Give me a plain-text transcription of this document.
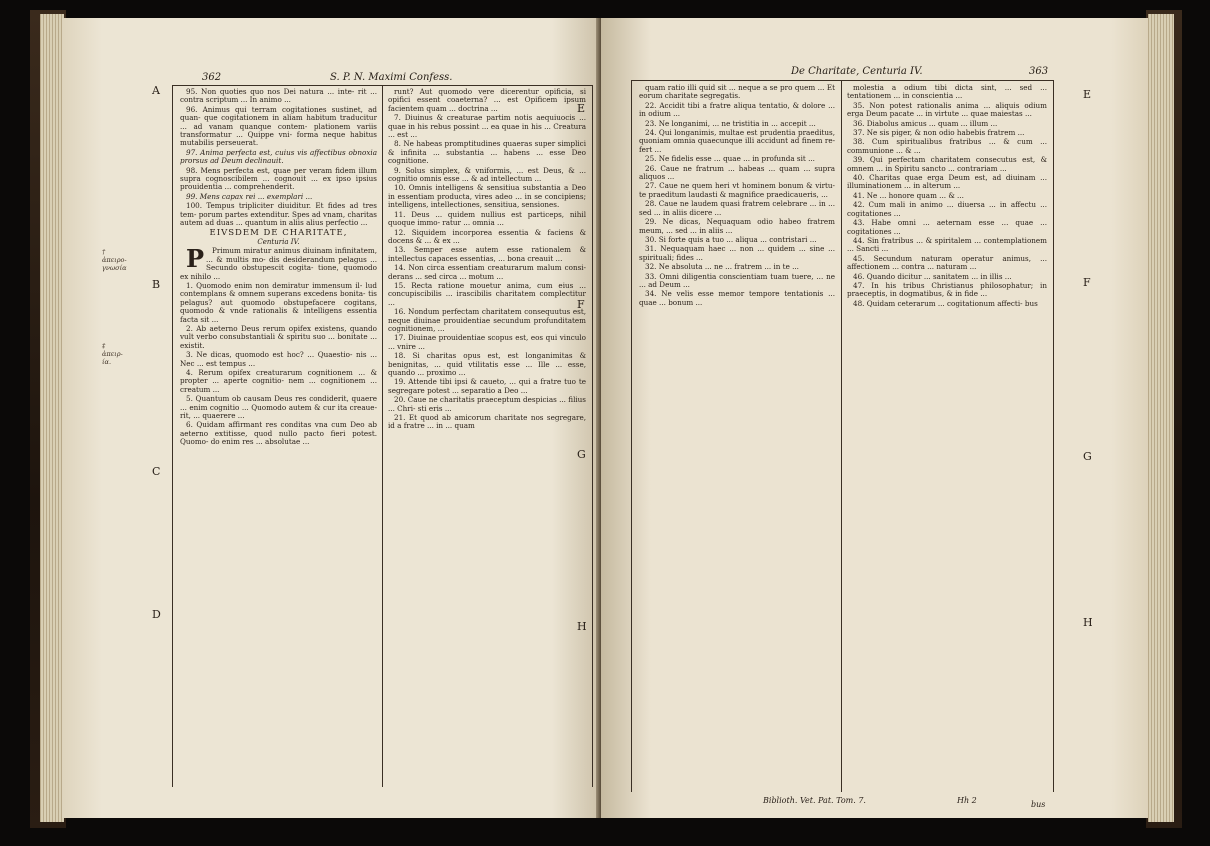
362	S. P. N. Maximi Confess.
A
B
C
D
E
F
G
H
† ἀπειρο- γνωσία
‡ ἀπειρ- ία.

95. Non quoties quo nos Dei natura ... inte- rit ... contra scriptum ... In animo ...

96. Animus qui terram cogitationes sustinet, ad quan- que cogitationem in aliam habitum traducitur ... ad vanam quanque contem- plationem variis transformatur ... Quippe vni- forma neque habitus mutabilis perseuerat.

97. Anima perfecta est, cuius vis affectibus obnoxia prorsus ad Deum declinauit.

98. Mens perfecta est, quae per veram fidem illum supra cognoscibilem ... cognouit ... ex ipso ipsius prouidentia ... comprehenderit.

99. Mens capax rei ... exemplari ...

100. Tempus tripliciter diuiditur. Et fides ad tres tem- porum partes extenditur. Spes ad vnam, charitas autem ad duas ... quantum in aliis alius perfectio ...

EIVSDEM DE CHARITATE,

Centuria IV.

P Primum miratur animus diuinam infinitatem, ... & multis mo- dis desiderandum pelagus ... Secundo obstupescit cogita- tione, quomodo ex nihilo ...

1. Quomodo enim non demiratur immensum il- lud contemplans & omnem superans excedens bonita- tis pelagus? aut quomodo obstupefacere cogitans, quomodo & vnde rationalis & intelligens essentia facta sit ...

2. Ab aeterno Deus rerum opifex existens, quando vult verbo consubstantiali & spiritu suo ... bonitate ... existit.

3. Ne dicas, quomodo est hoc? ... Quaestio- nis ... Nec ... est tempus ...

4. Rerum opifex creaturarum cognitionem ... & propter ... aperte cognitio- nem ... cognitionem ... creatum ...

5. Quantum ob causam Deus res condiderit, quaere ... enim cognitio ... Quomodo autem & cur ita creaue- rit, ... quaerere ...

6. Quidam affirmant res conditas vna cum Deo ab aeterno extitisse, quod nullo pacto fieri potest. Quomo- do enim res ... absolutae ...

runt? Aut quomodo vere dicerentur opificia, si opifici essent coaeterna? ... est Opificem ipsum facientem quam ... doctrina ...

7. Diuinus & creaturae partim notis aequiuocis ... quae in his rebus possint ... ea quae in his ... Creatura ... est ...

8. Ne habeas promptitudines quaeras super simplici & infinita ... substantia ... habens ... esse Deo cognitione.

9. Solus simplex, & vniformis, ... est Deus, & ... cognitio omnis esse ... & ad intellectum ...

10. Omnis intelligens & sensitiua substantia a Deo in essentiam producta, vires adeo ... in se concipiens; intelligens, intellectiones, sensitiua, sensiones.

11. Deus ... quidem nullius est particeps, nihil quoque immo- ratur ... omnia ...

12. Siquidem incorporea essentia & faciens & docens & ... & ex ...

13. Semper esse autem esse rationalem & intellectus capaces essentias, ... bona creauit ...

14. Non circa essentiam creaturarum malum consi- derans ... sed circa ... motum ...

15. Recta ratione mouetur anima, cum eius ... concupiscibilis ... irascibilis charitatem complectitur ...

16. Nondum perfectam charitatem consequutus est, neque diuinae prouidentiae secundum profunditatem cognitionem, ...

17. Diuinae prouidentiae scopus est, eos qui vinculo ... vnire ...

18. Si charitas opus est, est longanimitas & benignitas, ... quid vtilitatis esse ... Ille ... esse, quando ... proximo ...

19. Attende tibi ipsi & caueto, ... qui a fratre tuo te segregare potest ... separatio a Deo ...

20. Caue ne charitatis praeceptum despicias ... filius ... Chri- sti eris ...

21. Et quod ab amicorum charitate nos segregare, id a fratre ... in ... quam

De Charitate, Centuria IV.	363

quam ratio illi quid sit ... neque a se pro quem ... Et eorum charitate segregatis.

22. Accidit tibi a fratre aliqua tentatio, & dolore ... in odium ...

23. Ne longanimi, ... ne tristitia in ... accepit ...

24. Qui longanimis, multae est prudentia praeditus, quoniam omnia quaecunque illi accidunt ad finem re- fert ...

25. Ne fidelis esse ... quae ... in profunda sit ...

26. Caue ne fratrum ... habeas ... quam ... supra aliquos ...

27. Caue ne quem heri vt hominem bonum & virtu- te praeditum laudasti & magnifice praedicaueris, ...

28. Caue ne laudem quasi fratrem celebrare ... in ... sed ... in aliis dicere ...

29. Ne dicas, Nequaquam odio habeo fratrem meum, ... sed ... in aliis ...

30. Si forte quis a tuo ... aliqua ... contristari ...

31. Nequaquam haec ... non ... quidem ... sine ... spirituali; fides ...

32. Ne absoluta ... ne ... fratrem ... in te ...

33. Omni diligentia conscientiam tuam tuere, ... ne ... ad Deum ...

34. Ne velis esse memor tempore tentationis ... quae ... bonum ...

molestia a odium tibi dicta sint, ... sed ... tentationem ... in conscientia ...

35. Non potest rationalis anima ... aliquis odium erga Deum pacate ... in virtute ... quae maiestas ...

36. Diabolus amicus ... quam ... illum ...

37. Ne sis piger, & non odio habebis fratrem ...

38. Cum spiritualibus fratribus ... & cum ... communione ... & ...

39. Qui perfectam charitatem consecutus est, & omnem ... in Spiritu sancto ... contrariam ...

40. Charitas quae erga Deum est, ad diuinam ... illuminationem ... in alterum ...

41. Ne ... honore quam ... & ...

42. Cum mali in animo ... diuersa ... in affectu ... cogitationes ...

43. Habe omni ... aeternam esse ... quae ... cogitationes ...

44. Sin fratribus ... & spiritalem ... contemplationem ... Sancti ...

45. Secundum naturam operatur animus, ... affectionem ... contra ... naturam ...

46. Quando dicitur ... sanitatem ... in illis ...

47. In his tribus Christianus philosophatur; in praeceptis, in dogmatibus, & in fide ...

48. Quidam ceterarum ... cogitationum affecti- bus

E
F
G
H
Biblioth. Vet. Pat. Tom. 7.	Hh 2	bus
